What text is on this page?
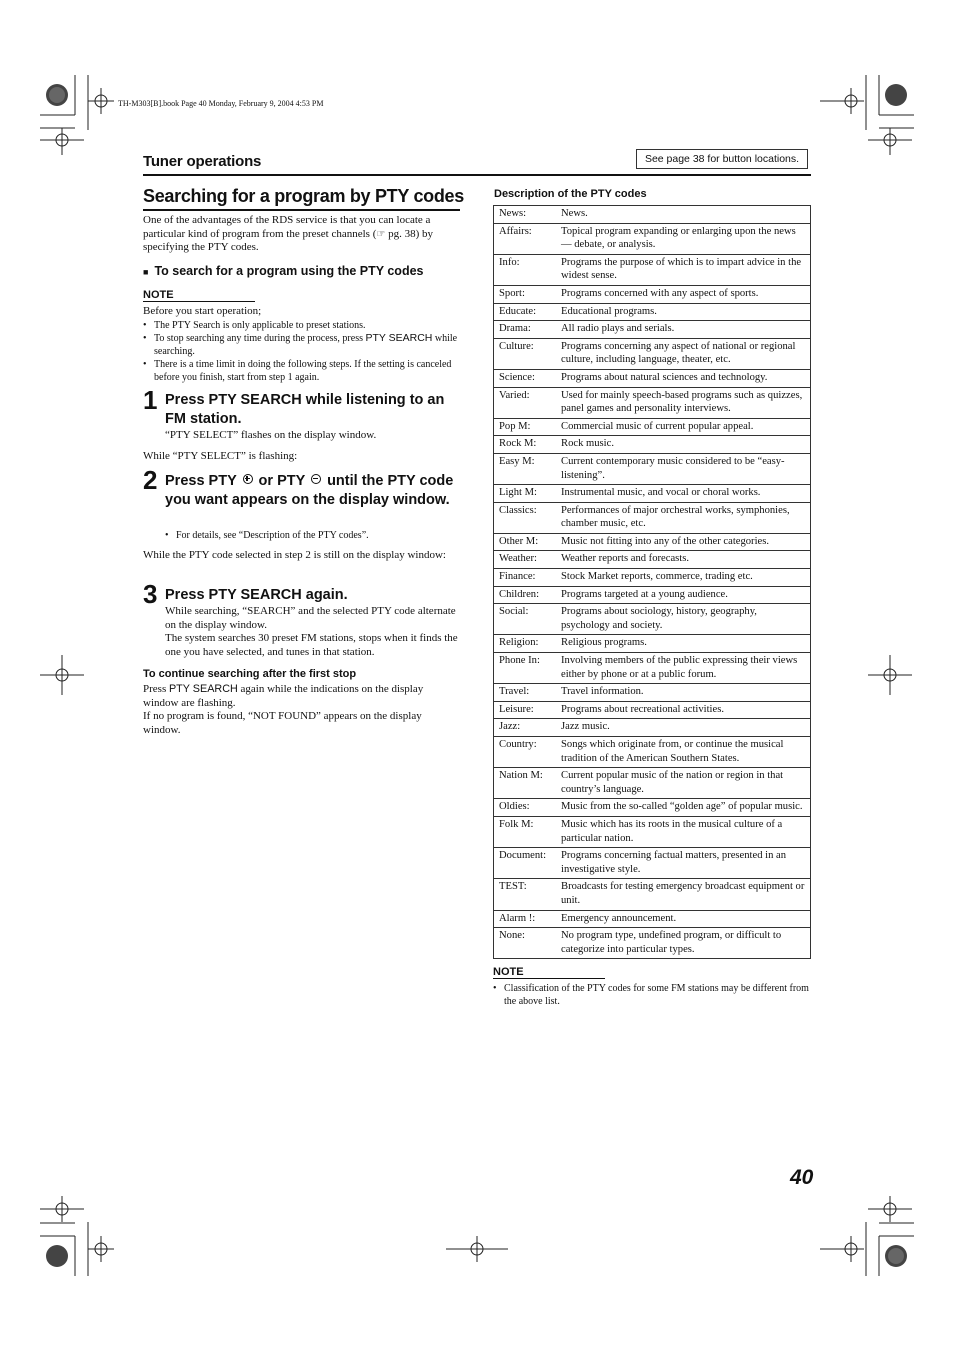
TH-M303[B].book Page 40 Monday, February 9, 2004 4:53 PM
Tuner operations	See page 38 for button locations.
Searching for a program by PTY codes
One of the advantages of the RDS service is that you can locate a particular kind of program from the preset channels (☞ pg. 38) by specifying the PTY codes.
■ To search for a program using the PTY codes
NOTE
Before you start operation;
• The PTY Search is only applicable to preset stations.
• To stop searching any time during the process, press PTY SEARCH while searching.
• There is a time limit in doing the following steps. If the setting is canceled before you finish, start from step 1 again.
1 Press PTY SEARCH while listening to an FM station.
“PTY SELECT” flashes on the display window.
While “PTY SELECT” is flashing:
2 Press PTY
or PTY
until the PTY code you want appears on the display window.
• For details, see “Description of the PTY codes”.
While the PTY code selected in step 2 is still on the display window:
3 Press PTY SEARCH again.
While searching, “SEARCH” and the selected PTY code alternate on the display window.
The system searches 30 preset FM stations, stops when it finds the one you have selected, and tunes in that station.
To continue searching after the first stop
Press PTY SEARCH again while the indications on the display window are flashing.
If no program is found, “NOT FOUND” appears on the display window.
Description of the PTY codes
News:	News.
Affairs:	Topical program expanding or enlarging upon the news — debate, or analysis.
Info:	Programs the purpose of which is to impart advice in the widest sense.
Sport:	Programs concerned with any aspect of sports.
Educate:	Educational programs.
Drama:	All radio plays and serials.
Culture:	Programs concerning any aspect of national or regional culture, including language, theater, etc.
Science:	Programs about natural sciences and technology.
Varied:	Used for mainly speech-based programs such as quizzes, panel games and personality interviews.
Pop M:	Commercial music of current popular appeal.
Rock M:	Rock music.
Easy M:	Current contemporary music considered to be “easy-listening”.
Light M:	Instrumental music, and vocal or choral works.
Classics:	Performances of major orchestral works, symphonies, chamber music, etc.
Other M:	Music not fitting into any of the other categories.
Weather:	Weather reports and forecasts.
Finance:	Stock Market reports, commerce, trading etc.
Children:	Programs targeted at a young audience.
Social:	Programs about sociology, history, geography, psychology and society.
Religion:	Religious programs.
Phone In:	Involving members of the public expressing their views either by phone or at a public forum.
Travel:	Travel information.
Leisure:	Programs about recreational activities.
Jazz:	Jazz music.
Country:	Songs which originate from, or continue the musical tradition of the American Southern States.
Nation M:	Current popular music of the nation or region in that country’s language.
Oldies:	Music from the so-called “golden age” of popular music.
Folk M:	Music which has its roots in the musical culture of a particular nation.
Document:	Programs concerning factual matters, presented in an investigative style.
TEST:	Broadcasts for testing emergency broadcast equipment or unit.
Alarm !:	Emergency announcement.
None:	No program type, undefined program, or difficult to categorize into particular types.
NOTE
• Classification of the PTY codes for some FM stations may be different from the above list.
40
